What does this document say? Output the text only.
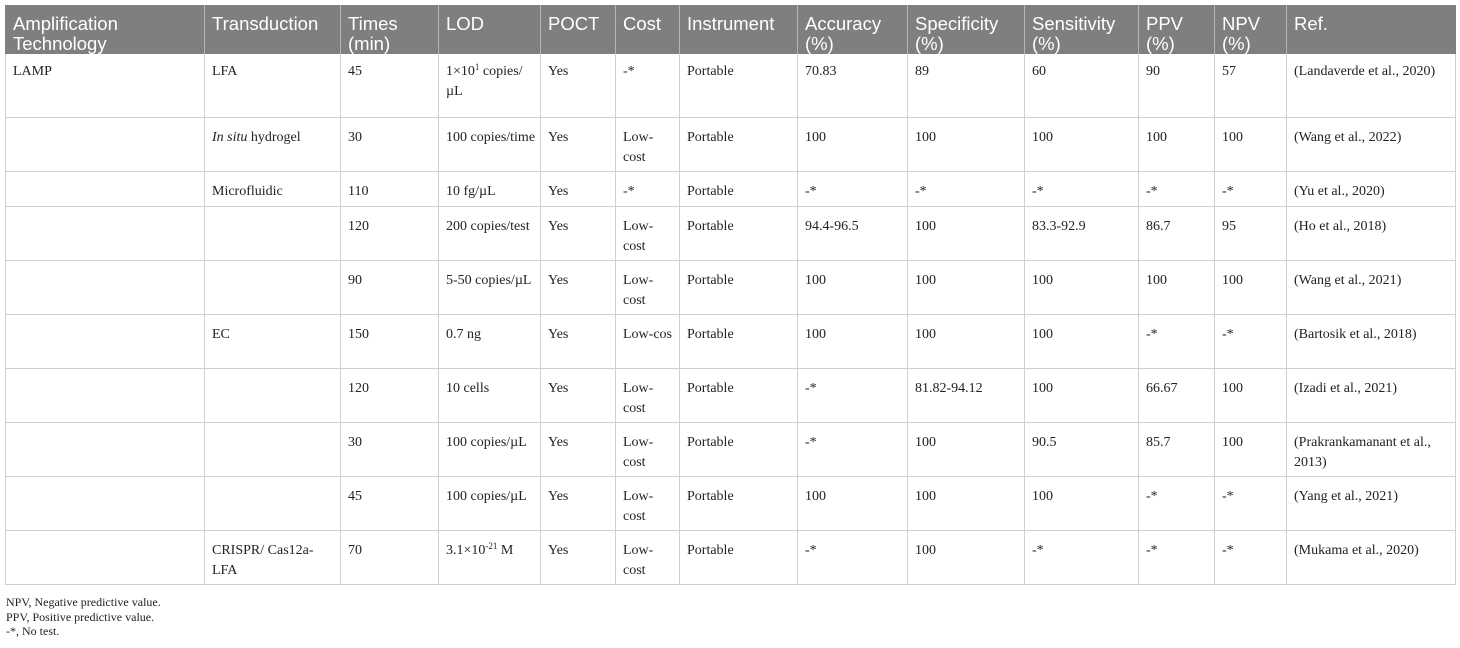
Amplification Technology	Transduction	Times (min)	LOD	POCT	Cost	Instrument	Accuracy (%)	Specificity (%)	Sensitivity (%)	PPV (%)	NPV (%)	Ref.
LAMP	LFA	45	$1\times 10^1$ copies/µL	Yes	-*	Portable	70.83	89	60	90	57	(Landaverde et al., 2020)
	In situ hydrogel	30	100 copies/time	Yes	Low-cost	Portable	100	100	100	100	100	(Wang et al., 2022)
	Microfluidic	110	10 fg/µL	Yes	-*	Portable	-*	-*	-*	-*	-*	(Yu et al., 2020)
		120	200 copies/test	Yes	Low-cost	Portable	94.4-96.5	100	83.3-92.9	86.7	95	(Ho et al., 2018)
		90	5-50 copies/µL	Yes	Low-cost	Portable	100	100	100	100	100	(Wang et al., 2021)
	EC	150	0.7 ng	Yes	Low-cos	Portable	100	100	100	-*	-*	(Bartosik et al., 2018)
		120	10 cells	Yes	Low-cost	Portable	-*	81.82-94.12	100	66.67	100	(Izadi et al., 2021)
		30	100 copies/µL	Yes	Low-cost	Portable	-*	100	90.5	85.7	100	(Prakrankamanant et al., 2013)
		45	100 copies/µL	Yes	Low-cost	Portable	100	100	100	-*	-*	(Yang et al., 2021)
	CRISPR/ Cas12a-LFA	70	$3.1\times 10^{-21}$ M	Yes	Low-cost	Portable	-*	100	-*	-*	-*	(Mukama et al., 2020)
NPV, Negative predictive value.
PPV, Positive predictive value.
-*, No test.
